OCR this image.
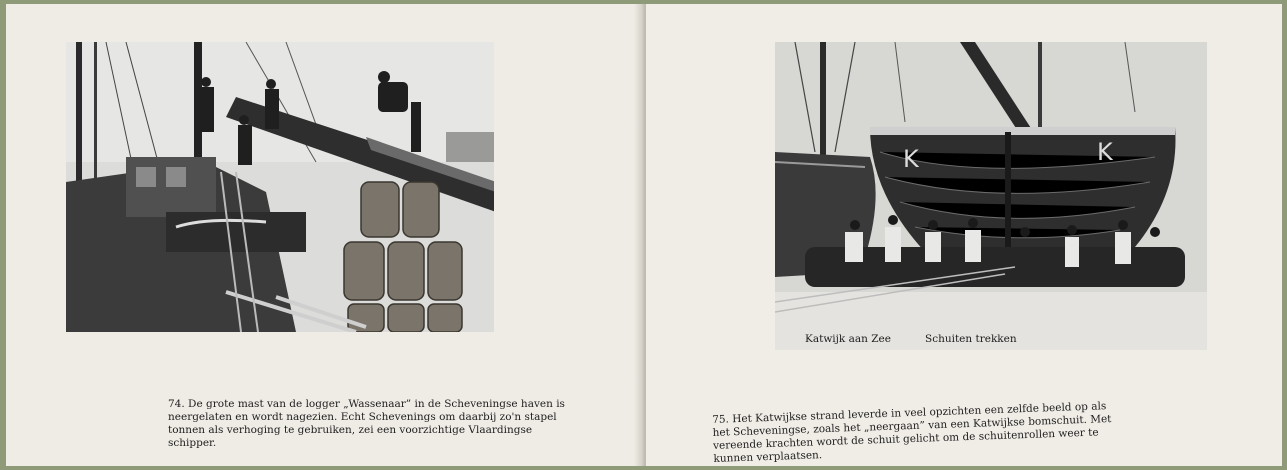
74. De grote mast van de logger „Wassenaar” in de Scheveningse haven is neergelaten en wordt nagezien. Echt Schevenings om daarbij zo'n stapel tonnen als verhoging te gebruiken, zei een voorzichtige Vlaardingse schipper.
K	K
Katwijk aan Zee	Schuiten trekken
75. Het Katwijkse strand leverde in veel opzichten een zelfde beeld op als het Scheveningse, zoals het „neergaan” van een Katwijkse bomschuit. Met vereende krachten wordt de schuit gelicht om de schuitenrollen weer te kunnen verplaatsen.
